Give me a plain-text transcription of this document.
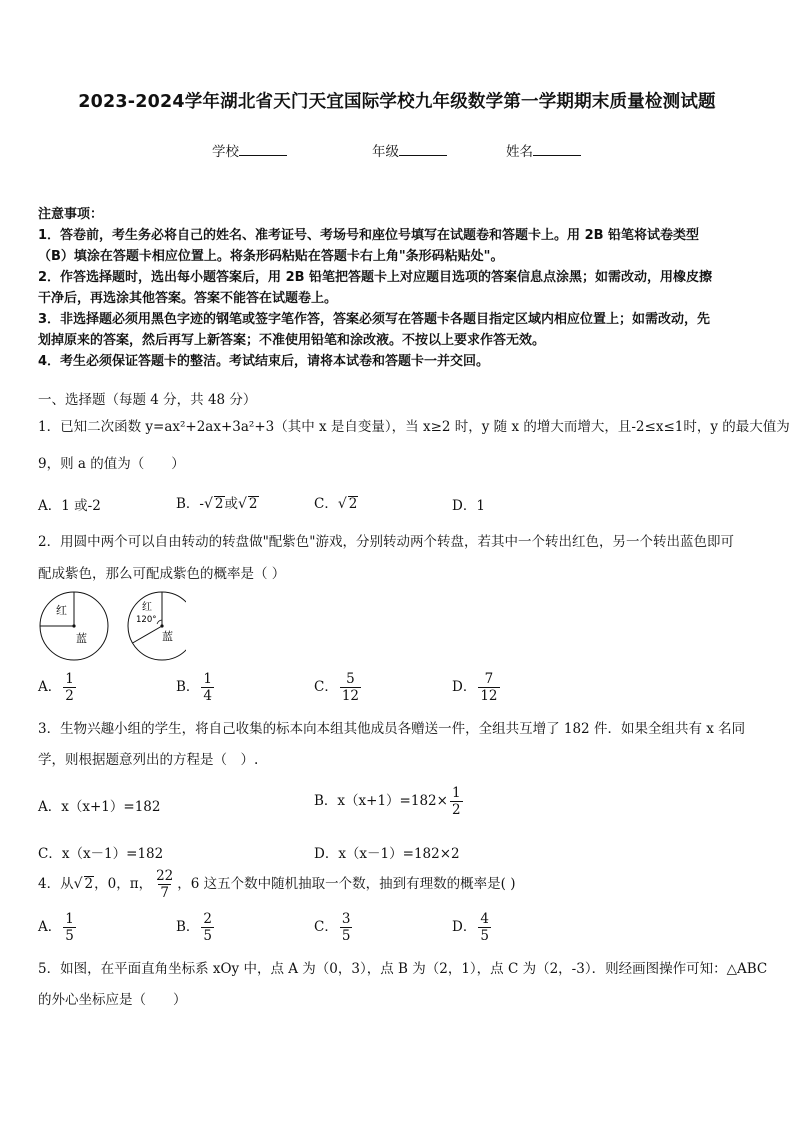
2023-2024学年湖北省天门天宜国际学校九年级数学第一学期期末质量检测试题
学校	年级	姓名
注意事项：
1．答卷前，考生务必将自己的姓名、准考证号、考场号和座位号填写在试题卷和答题卡上。用 2B 铅笔将试卷类型
（B）填涂在答题卡相应位置上。将条形码粘贴在答题卡右上角"条形码粘贴处"。
2．作答选择题时，选出每小题答案后，用 2B 铅笔把答题卡上对应题目选项的答案信息点涂黑；如需改动，用橡皮擦
干净后，再选涂其他答案。答案不能答在试题卷上。
3．非选择题必须用黑色字迹的钢笔或签字笔作答，答案必须写在答题卡各题目指定区域内相应位置上；如需改动，先
划掉原来的答案，然后再写上新答案；不准使用铅笔和涂改液。不按以上要求作答无效。
4．考生必须保证答题卡的整洁。考试结束后，请将本试卷和答题卡一并交回。
一、选择题（每题 4 分，共 48 分）
1．已知二次函数 y=ax²+2ax+3a²+3（其中 x 是自变量），当 x≥2 时，y 随 x 的增大而增大，且-2≤x≤1时，y 的最大值为
9，则 a 的值为（　　）
A．1 或-2	B．-√ 2或√ 2	C．√ 2	D．1
2．用圆中两个可以自由转动的转盘做"配紫色"游戏，分别转动两个转盘，若其中一个转出红色，另一个转出蓝色即可
配成紫色，那么可配成紫色的概率是（ ）
红
蓝
红
120°
蓝
A． $\frac{1}{2}$	B． $\frac{1}{4}$	C． $\frac{5}{12}$	D． $\frac{7}{12}$
3．生物兴趣小组的学生，将自己收集的标本向本组其他成员各赠送一件，全组共互增了 182 件．如果全组共有 x 名同
学，则根据题意列出的方程是（　）.
A．x（x+1）=182	B．$x(x+1)=182\times \frac{1}{2}$
C．x（x－1）=182	D．x（x－1）=182×2
4．从√ 2，0，π， $\frac{22}{7}$ ，6 这五个数中随机抽取一个数，抽到有理数的概率是( )
A． $\frac{1}{5}$	B． $\frac{2}{5}$	C． $\frac{3}{5}$	D． $\frac{4}{5}$
5．如图，在平面直角坐标系 xOy 中，点 A 为（0，3），点 B 为（2，1），点 C 为（2，-3）．则经画图操作可知：△ABC
的外心坐标应是（　　）
